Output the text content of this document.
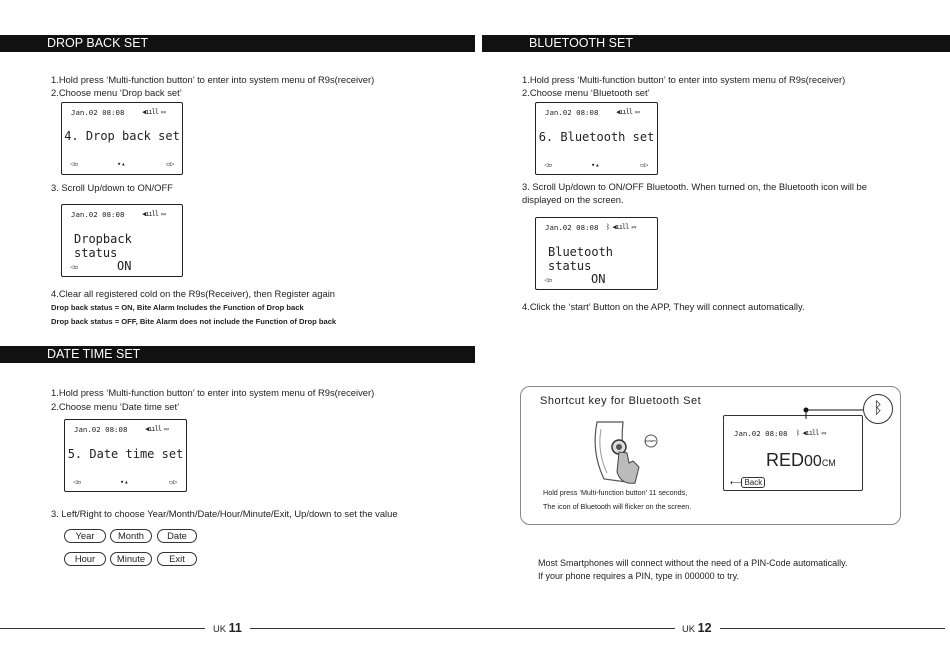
DROP BACK SET
1.Hold press ‘Multi-function button’ to enter into system menu of R9s(receiver)
2.Choose menu ‘Drop back set’
Jan.02 08:08	◀ııll ▭
4. Drop back set
◁▫	▾▴	▫▷
3. Scroll Up/down to ON/OFF
Jan.02 08:08	◀ııll ▭
Dropback status
◁▫	ON
4.Clear all registered cold on the R9s(Receiver), then Register again
Drop back status = ON, Bite Alarm Includes the Function of Drop back
Drop back status = OFF, Bite Alarm does not include the Function of Drop back
DATE TIME SET
1.Hold press ‘Multi-function button’ to enter into system menu of R9s(receiver)
2.Choose menu ‘Date time set’
Jan.02 08:08	◀ııll ▭
5. Date time set
◁▫	▾▴	▫▷
3. Left/Right to choose Year/Month/Date/Hour/Minute/Exit, Up/down to set the value
Year	Month	Date
Hour	Minute	Exit
UK 11
BLUETOOTH SET
1.Hold press ‘Multi-function button’ to enter into system menu of R9s(receiver)
2.Choose menu ‘Bluetooth set’
Jan.02 08:08	◀ııll ▭
6. Bluetooth set
◁▫	▾▴	▫▷
3. Scroll Up/down to ON/OFF Bluetooth. When turned on, the Bluetooth icon will be
displayed on the screen.
Jan.02 08:08 ᛒ ◀ııll ▭
Bluetooth status
◁▫	ON
4.Click the ‘start’ Button on the APP, They will connect automatically.
Shortcut key for Bluetooth Set
power
Hold press ‘Multi-function button’ 11 seconds,
The icon of Bluetooth will flicker on the screen.
Jan.02 08:08 ᛒ ◀ııll ▭
RED00CM
⟵ Back
ᛒ
Most Smartphones will connect without the need of a PIN-Code automatically.
If your phone requires a PIN, type in 000000 to try.
UK 12
